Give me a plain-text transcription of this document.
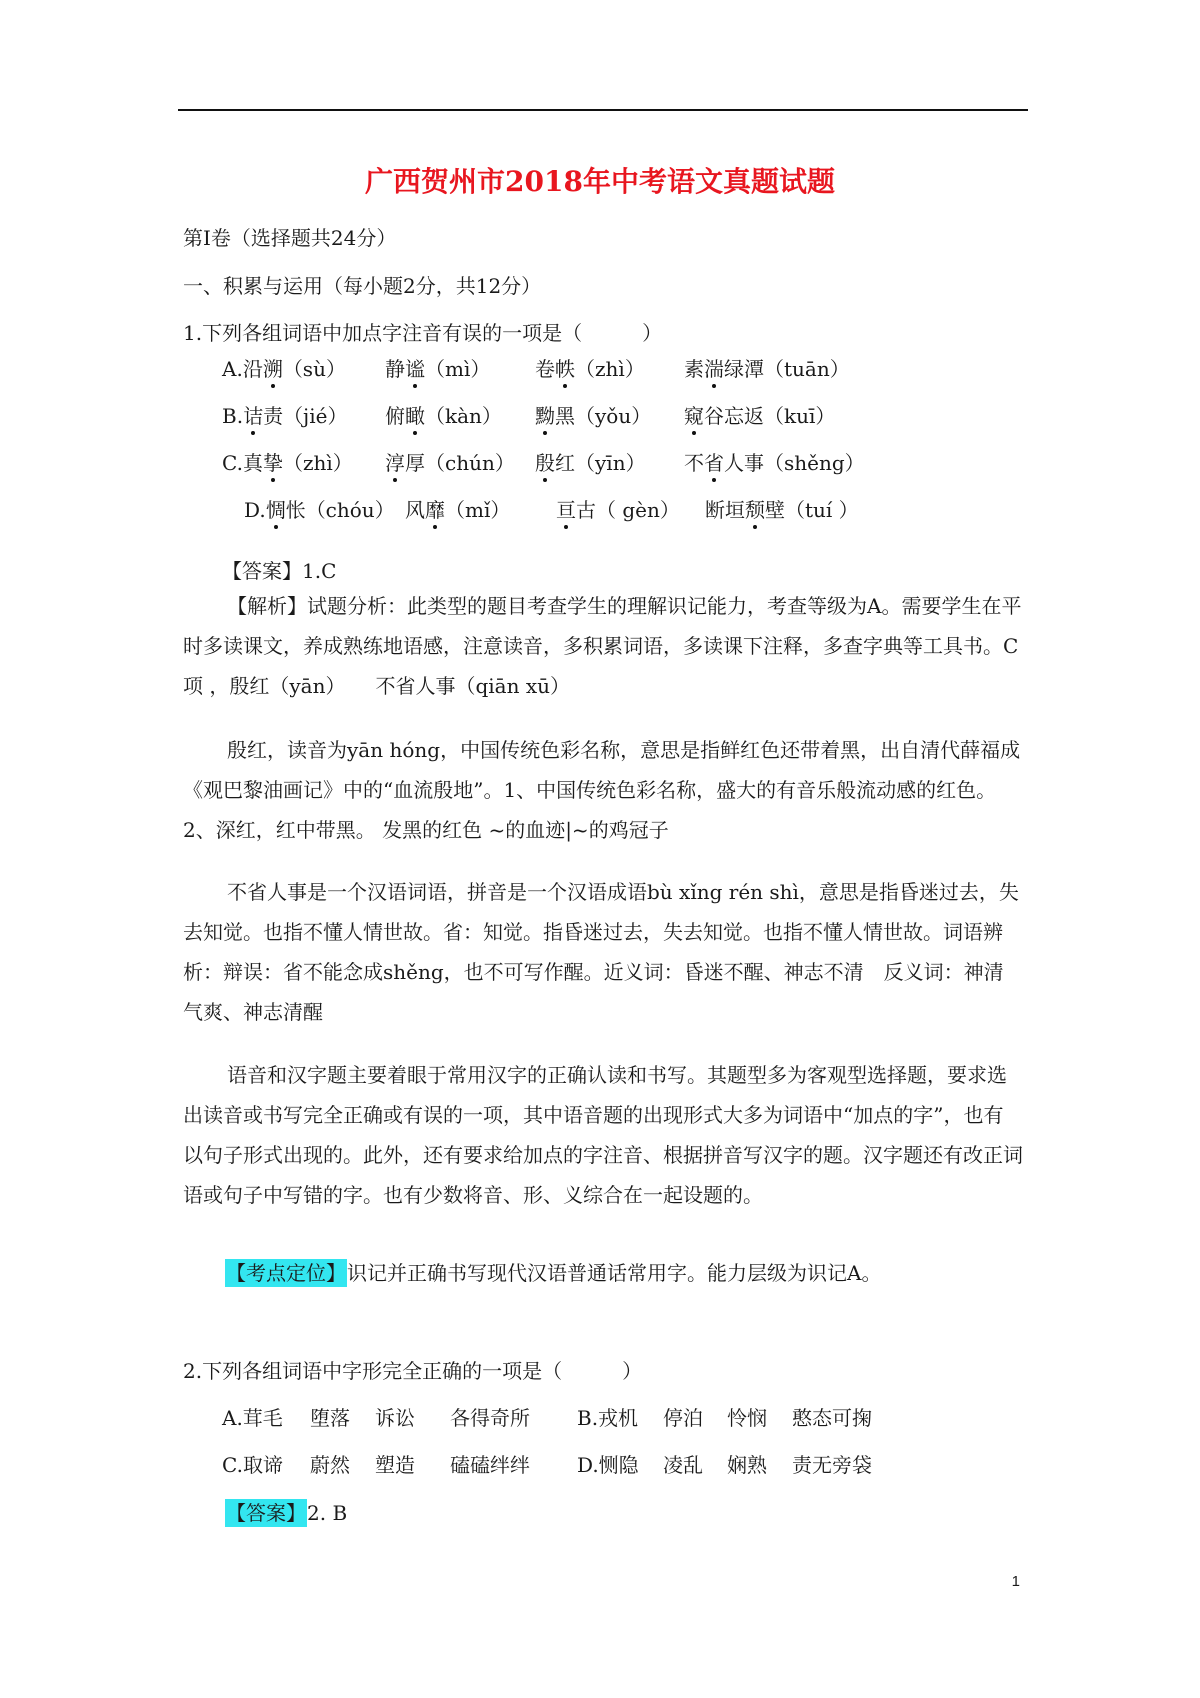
广西贺州市2018年中考语文真题试题
第I卷（选择题共24分）
一、积累与运用（每小题2分，共12分）
1.下列各组词语中加点字注音有误的一项是（　　　）
A.沿溯（sù） 静谧（mì） 卷帙（zhì） 素湍绿潭（tuān）
B.诘责（jié） 俯瞰（kàn） 黝黑（yǒu） 窥谷忘返（kuī）
C.真挚（zhì） 淳厚（chún） 殷红（yīn） 不省人事（shěng）
D.惆怅（chóu） 风靡（mǐ） 亘古（ gèn） 断垣颓壁（tuí ）
【答案】1.C
【解析】试题分析：此类型的题目考查学生的理解识记能力，考查等级为A。需要学生在平时多读课文，养成熟练地语感，注意读音，多积累词语，多读课下注释，多查字典等工具书。C项 ，殷红（yān）　　不省人事（qiān xū）
殷红，读音为yān hóng，中国传统色彩名称，意思是指鲜红色还带着黑，出自清代薛福成《观巴黎油画记》中的“血流殷地”。1、中国传统色彩名称，盛大的有音乐般流动感的红色。2、深红，红中带黑。 发黑的红色 ~的血迹|~的鸡冠子
不省人事是一个汉语词语，拼音是一个汉语成语bù xǐng rén shì，意思是指昏迷过去，失去知觉。也指不懂人情世故。省：知觉。指昏迷过去，失去知觉。也指不懂人情世故。词语辨析：辩误：省不能念成shěng，也不可写作醒。近义词：昏迷不醒、神志不清　反义词：神清气爽、神志清醒
语音和汉字题主要着眼于常用汉字的正确认读和书写。其题型多为客观型选择题，要求选出读音或书写完全正确或有误的一项，其中语音题的出现形式大多为词语中“加点的字”，也有以句子形式出现的。此外，还有要求给加点的字注音、根据拼音写汉字的题。汉字题还有改正词语或句子中写错的字。也有少数将音、形、义综合在一起设题的。
【考点定位】识记并正确书写现代汉语普通话常用字。能力层级为识记A。
2.下列各组词语中字形完全正确的一项是（　　　）
A.茸毛 堕落 诉讼 各得奇所 B.戎机 停泊 怜悯 憨态可掬
C.取谛 蔚然 塑造 磕磕绊绊 D.恻隐 凌乱 娴熟 责无旁袋
【答案】2. B
1
